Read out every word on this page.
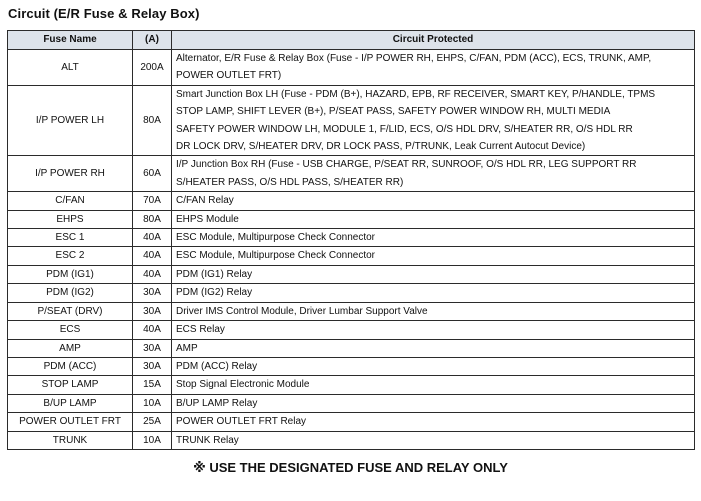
Circuit (E/R Fuse & Relay Box)
Fuse Name	(A)	Circuit Protected
ALT	200A	Alternator, E/R Fuse & Relay Box (Fuse - I/P POWER RH, EHPS, C/FAN, PDM (ACC), ECS, TRUNK, AMP,
POWER OUTLET FRT)

I/P POWER LH	80A	Smart Junction Box LH (Fuse - PDM (B+), HAZARD, EPB, RF RECEIVER, SMART KEY, P/HANDLE, TPMS
STOP LAMP, SHIFT LEVER (B+), P/SEAT PASS, SAFETY POWER WINDOW RH, MULTI MEDIA
SAFETY POWER WINDOW LH, MODULE 1, F/LID, ECS, O/S HDL DRV, S/HEATER RR, O/S HDL RR
DR LOCK DRV, S/HEATER DRV, DR LOCK PASS, P/TRUNK, Leak Current Autocut Device)

I/P POWER RH	60A	I/P Junction Box RH (Fuse - USB CHARGE, P/SEAT RR, SUNROOF, O/S HDL RR, LEG SUPPORT RR
S/HEATER PASS, O/S HDL PASS, S/HEATER RR)

C/FAN	70A	C/FAN Relay

EHPS	80A	EHPS Module

ESC 1	40A	ESC Module, Multipurpose Check Connector

ESC 2	40A	ESC Module, Multipurpose Check Connector

PDM (IG1)	40A	PDM (IG1) Relay

PDM (IG2)	30A	PDM (IG2) Relay

P/SEAT (DRV)	30A	Driver IMS Control Module, Driver Lumbar Support Valve

ECS	40A	ECS Relay

AMP	30A	AMP

PDM (ACC)	30A	PDM (ACC) Relay

STOP LAMP	15A	Stop Signal Electronic Module

B/UP LAMP	10A	B/UP LAMP Relay

POWER OUTLET FRT	25A	POWER OUTLET FRT Relay

TRUNK	10A	TRUNK Relay
※ USE THE DESIGNATED FUSE AND RELAY ONLY
